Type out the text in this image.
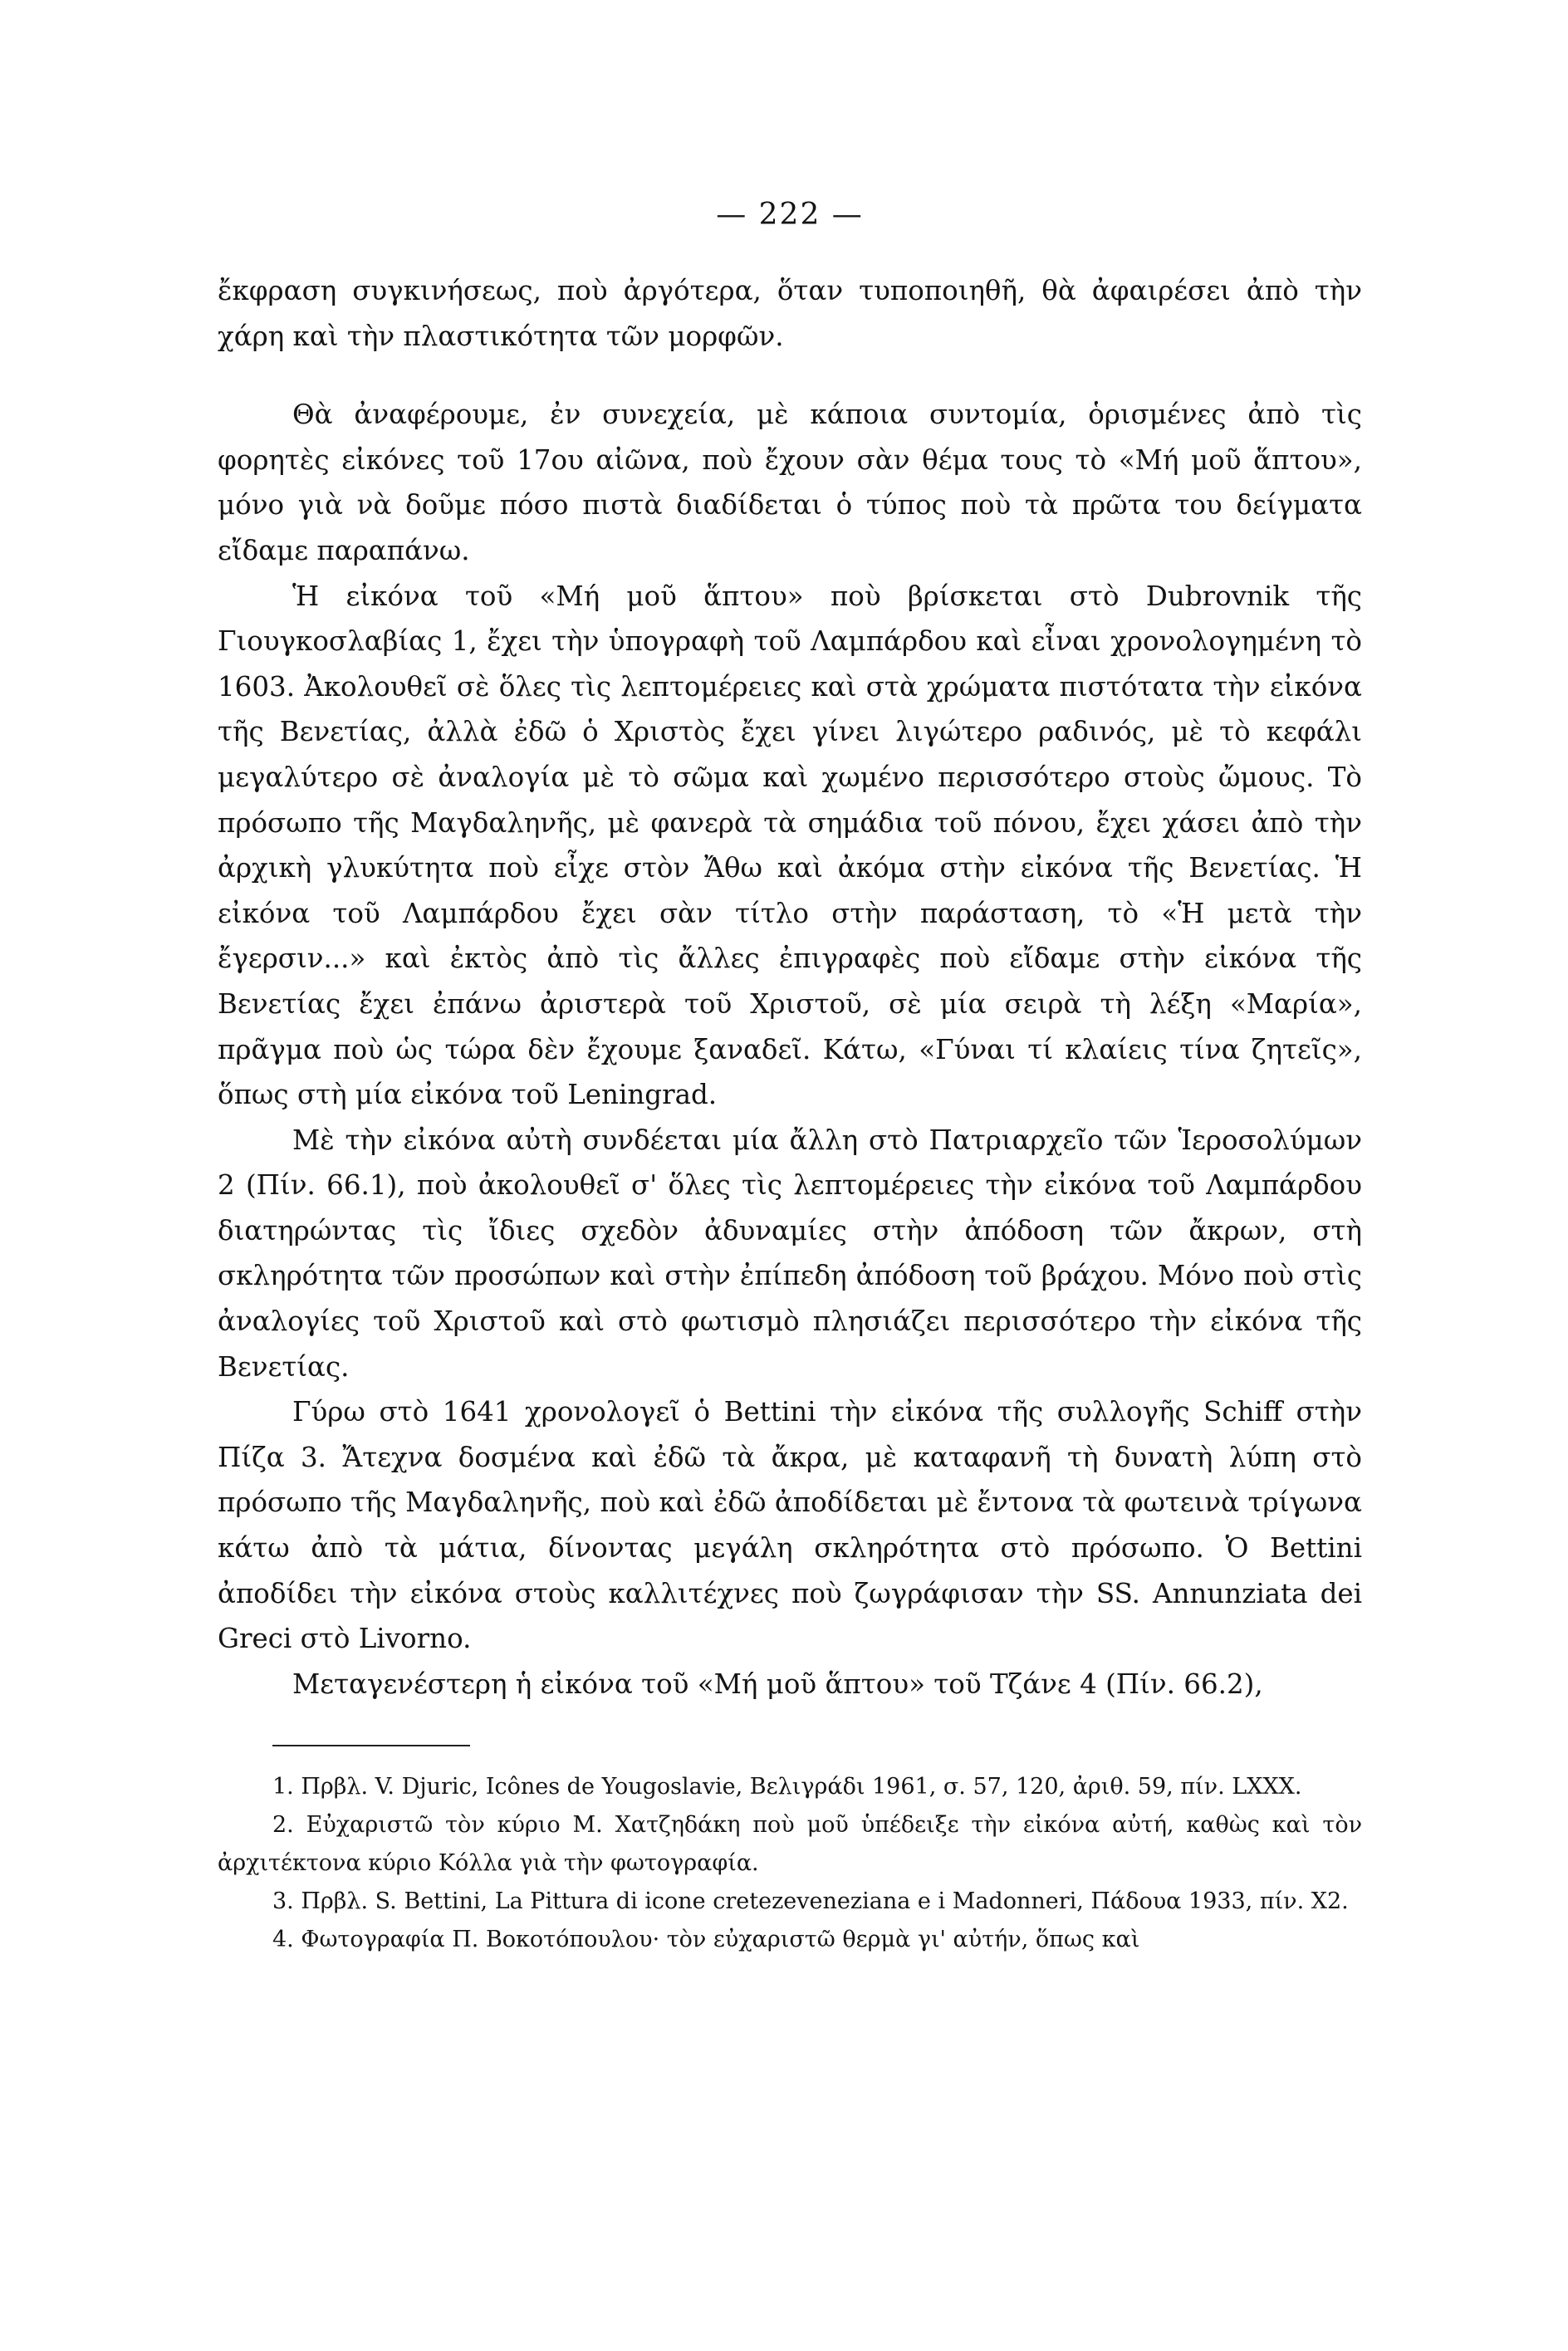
— 222 —

ἔκφραση συγκινήσεως, ποὺ ἀργότερα, ὅταν τυποποιηθῆ, θὰ ἀφαιρέσει ἀπὸ τὴν χάρη καὶ τὴν πλαστικότητα τῶν μορφῶν.

Θὰ ἀναφέρουμε, ἐν συνεχεία, μὲ κάποια συντομία, ὁρισμένες ἀπὸ τὶς φορητὲς εἰκόνες τοῦ 17ου αἰῶνα, ποὺ ἔχουν σὰν θέμα τους τὸ «Μή μοῦ ἅπτου», μόνο γιὰ νὰ δοῦμε πόσο πιστὰ διαδίδεται ὁ τύπος ποὺ τὰ πρῶτα του δείγματα εἴδαμε παραπάνω.

Ἡ εἰκόνα τοῦ «Μή μοῦ ἅπτου» ποὺ βρίσκεται στὸ Dubrovnik τῆς Γιουγκοσλαβίας 1, ἔχει τὴν ὑπογραφὴ τοῦ Λαμπάρδου καὶ εἶναι χρονολογημένη τὸ 1603. Ἀκολουθεῖ σὲ ὅλες τὶς λεπτομέρειες καὶ στὰ χρώματα πιστότατα τὴν εἰκόνα τῆς Βενετίας, ἀλλὰ ἐδῶ ὁ Χριστὸς ἔχει γίνει λιγώτερο ραδινός, μὲ τὸ κεφάλι μεγαλύτερο σὲ ἀναλογία μὲ τὸ σῶμα καὶ χωμένο περισσότερο στοὺς ὤμους. Τὸ πρόσωπο τῆς Μαγδαληνῆς, μὲ φανερὰ τὰ σημάδια τοῦ πόνου, ἔχει χάσει ἀπὸ τὴν ἀρχικὴ γλυκύτητα ποὺ εἶχε στὸν Ἄθω καὶ ἀκόμα στὴν εἰκόνα τῆς Βενετίας. Ἡ εἰκόνα τοῦ Λαμπάρδου ἔχει σὰν τίτλο στὴν παράσταση, τὸ «Ἡ μετὰ τὴν ἔγερσιν...» καὶ ἐκτὸς ἀπὸ τὶς ἄλλες ἐπιγραφὲς ποὺ εἴδαμε στὴν εἰκόνα τῆς Βενετίας ἔχει ἐπάνω ἀριστερὰ τοῦ Χριστοῦ, σὲ μία σειρὰ τὴ λέξη «Μαρία», πρᾶγμα ποὺ ὡς τώρα δὲν ἔχουμε ξαναδεῖ. Κάτω, «Γύναι τί κλαίεις τίνα ζητεῖς», ὅπως στὴ μία εἰκόνα τοῦ Leningrad.

Μὲ τὴν εἰκόνα αὐτὴ συνδέεται μία ἄλλη στὸ Πατριαρχεῖο τῶν Ἱεροσολύμων 2 (Πίν. 66.1), ποὺ ἀκολουθεῖ σ' ὅλες τὶς λεπτομέρειες τὴν εἰκόνα τοῦ Λαμπάρδου διατηρώντας τὶς ἴδιες σχεδὸν ἀδυναμίες στὴν ἀπόδοση τῶν ἄκρων, στὴ σκληρότητα τῶν προσώπων καὶ στὴν ἐπίπεδη ἀπόδοση τοῦ βράχου. Μόνο ποὺ στὶς ἀναλογίες τοῦ Χριστοῦ καὶ στὸ φωτισμὸ πλησιάζει περισσότερο τὴν εἰκόνα τῆς Βενετίας.

Γύρω στὸ 1641 χρονολογεῖ ὁ Bettini τὴν εἰκόνα τῆς συλλογῆς Schiff στὴν Πίζα 3. Ἄτεχνα δοσμένα καὶ ἐδῶ τὰ ἄκρα, μὲ καταφανῆ τὴ δυνατὴ λύπη στὸ πρόσωπο τῆς Μαγδαληνῆς, ποὺ καὶ ἐδῶ ἀποδίδεται μὲ ἔντονα τὰ φωτεινὰ τρίγωνα κάτω ἀπὸ τὰ μάτια, δίνοντας μεγάλη σκληρότητα στὸ πρόσωπο. Ὁ Bettini ἀποδίδει τὴν εἰκόνα στοὺς καλλιτέχνες ποὺ ζωγράφισαν τὴν SS. Annunziata dei Greci στὸ Livorno.

Μεταγενέστερη ἡ εἰκόνα τοῦ «Μή μοῦ ἅπτου» τοῦ Τζάνε 4 (Πίν. 66.2),

1. Πρβλ. V. Djuric, Icônes de Yougoslavie, Βελιγράδι 1961, σ. 57, 120, ἀριθ. 59, πίν. LXXX.

2. Εὐχαριστῶ τὸν κύριο Μ. Χατζηδάκη ποὺ μοῦ ὑπέδειξε τὴν εἰκόνα αὐτή, καθὼς καὶ τὸν ἀρχιτέκτονα κύριο Κόλλα γιὰ τὴν φωτογραφία.

3. Πρβλ. S. Bettini, La Pittura di icone cretezeveneziana e i Madonneri, Πάδουα 1933, πίν. X2.

4. Φωτογραφία Π. Βοκοτόπουλου· τὸν εὐχαριστῶ θερμὰ γι' αὐτήν, ὅπως καὶ
